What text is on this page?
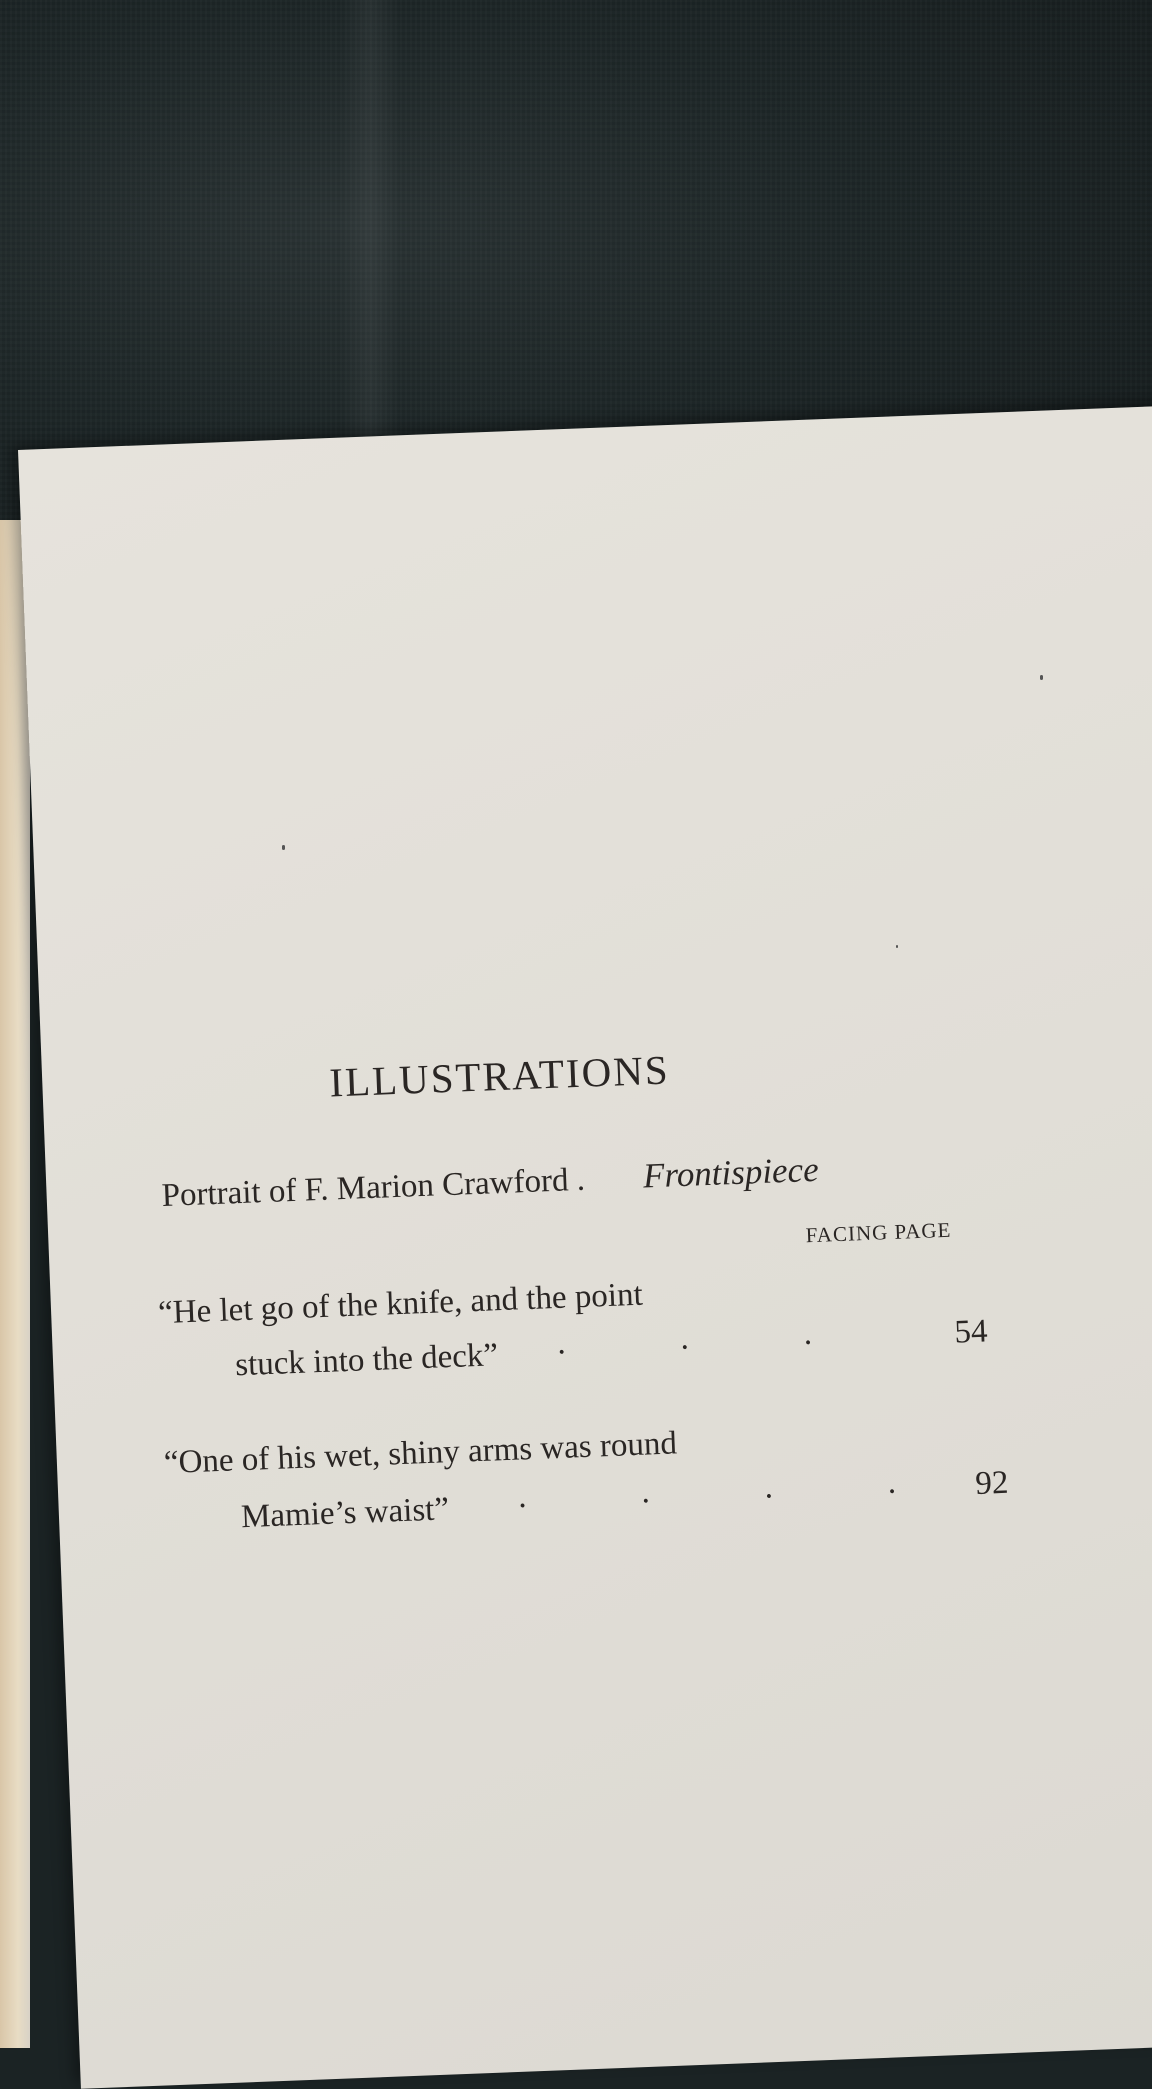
ILLUSTRATIONS
Portrait of F. Marion Crawford . Frontispiece
FACING PAGE
“He let go of the knife, and the point
stuck into the deck” · · ·	54
“One of his wet, shiny arms was round
Mamie’s waist” · · · · 92
